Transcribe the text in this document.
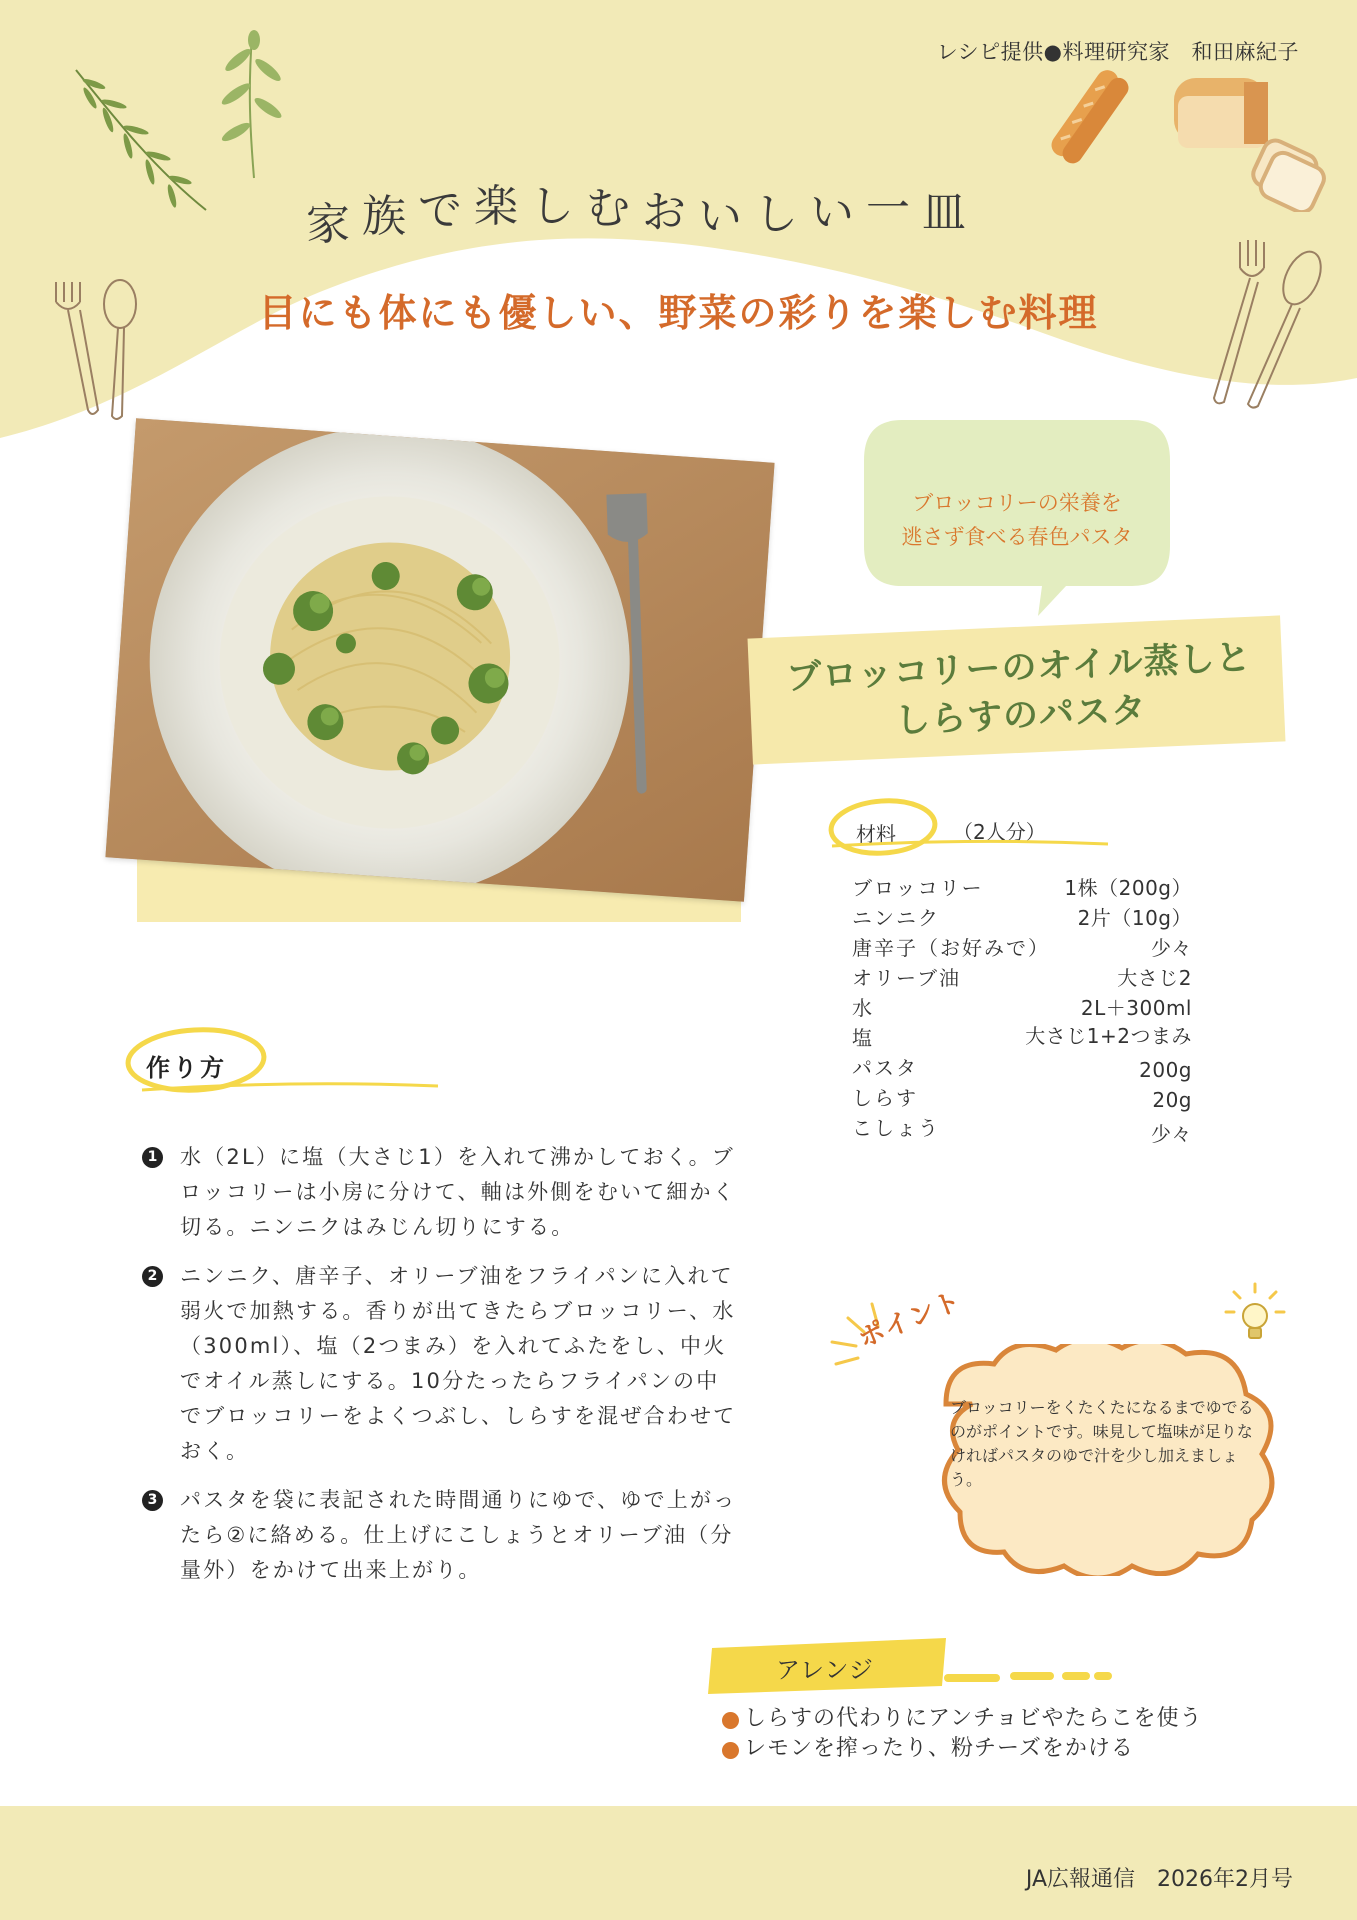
レシピ提供●料理研究家　和田麻紀子
家 族 で 楽 し む お い し い 一 皿
目にも体にも優しい、野菜の彩りを楽しむ料理
ブロッコリーの栄養を
逃さず食べる春色パスタ
ブロッコリーのオイル蒸しと
しらすのパスタ
材料	（2人分）
ブロッコリー	1株（200g）
ニンニク	2片（10g）
唐辛子（お好みで）	少々
オリーブ油	大さじ2
水	2L＋300ml
塩	大さじ1+2つまみ
パスタ	200g
しらす	20g
こしょう	少々
作り方
1 水（2L）に塩（大さじ1）を入れて沸かしておく。ブロッコリーは小房に分けて、軸は外側をむいて細かく切る。ニンニクはみじん切りにする。
2 ニンニク、唐辛子、オリーブ油をフライパンに入れて弱火で加熱する。香りが出てきたらブロッコリー、水（300ml）、塩（2つまみ）を入れてふたをし、中火でオイル蒸しにする。10分たったらフライパンの中でブロッコリーをよくつぶし、しらすを混ぜ合わせておく。
3 パスタを袋に表記された時間通りにゆで、ゆで上がったら②に絡める。仕上げにこしょうとオリーブ油（分量外）をかけて出来上がり。
ポイント
ブロッコリーをくたくたになるまでゆでるのがポイントです。味見して塩味が足りなければパスタのゆで汁を少し加えましょう。
アレンジ
しらすの代わりにアンチョビやたらこを使う
レモンを搾ったり、粉チーズをかける
JA広報通信　2026年2月号
